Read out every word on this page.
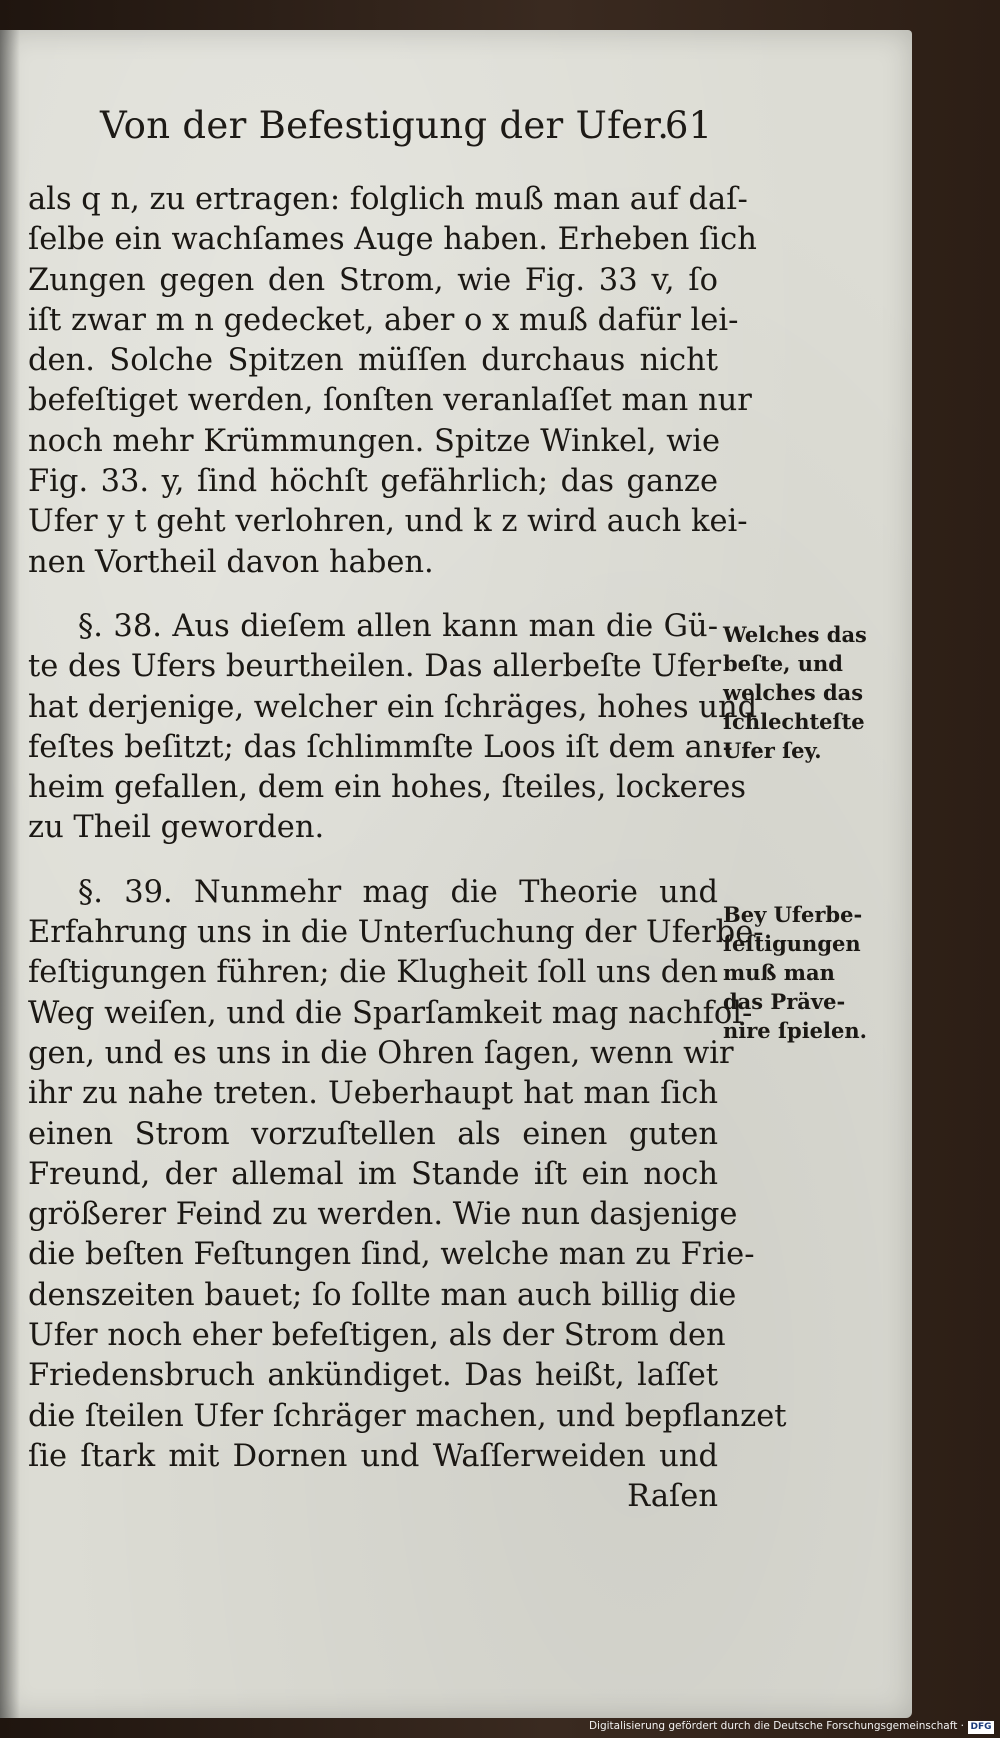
Von der Befestigung der Ufer.
61
als q n, zu ertragen: folglich muß man auf daſ-
ſelbe ein wachſames Auge haben. Erheben ſich
Zungen gegen den Strom, wie Fig. 33 v, ſo
iſt zwar m n gedecket, aber o x muß dafür lei-
den. Solche Spitzen müſſen durchaus nicht
befeſtiget werden, ſonſten veranlaſſet man nur
noch mehr Krümmungen. Spitze Winkel, wie
Fig. 33. y, ſind höchſt gefährlich; das ganze
Ufer y t geht verlohren, und k z wird auch kei-
nen Vortheil davon haben.
§. 38. Aus dieſem allen kann man die Gü-
te des Ufers beurtheilen. Das allerbeſte Ufer
hat derjenige, welcher ein ſchräges, hohes und
feſtes beſitzt; das ſchlimmſte Loos iſt dem an-
heim gefallen, dem ein hohes, ſteiles, lockeres
zu Theil geworden.
§. 39. Nunmehr mag die Theorie und
Erfahrung uns in die Unterſuchung der Uferbe-
feſtigungen führen; die Klugheit ſoll uns den
Weg weiſen, und die Sparſamkeit mag nachfol-
gen, und es uns in die Ohren ſagen, wenn wir
ihr zu nahe treten. Ueberhaupt hat man ſich
einen Strom vorzuſtellen als einen guten
Freund, der allemal im Stande iſt ein noch
größerer Feind zu werden. Wie nun dasjenige
die beſten Feſtungen ſind, welche man zu Frie-
denszeiten bauet; ſo ſollte man auch billig die
Ufer noch eher befeſtigen, als der Strom den
Friedensbruch ankündiget. Das heißt, laſſet
die ſteilen Ufer ſchräger machen, und bepflanzet
ſie ſtark mit Dornen und Waſſerweiden und
Raſen
Welches das
beſte, und
welches das
ſchlechteſte
Ufer ſey.
Bey Uferbe-
feſtigungen
muß man
das Präve-
nire ſpielen.
Digitalisierung gefördert durch die Deutsche Forschungsgemeinschaft · DFG
